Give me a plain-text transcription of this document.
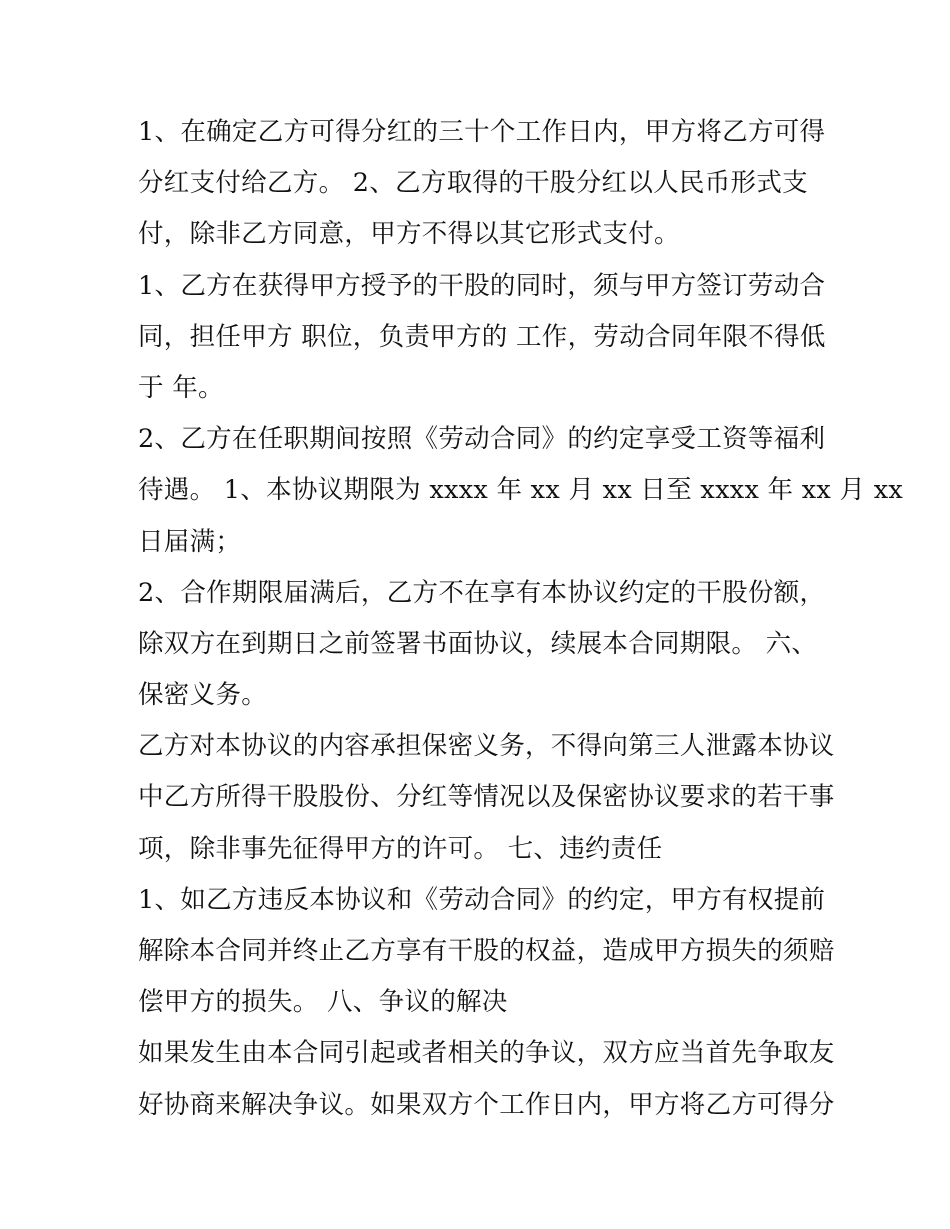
1、在确定乙方可得分红的三十个工作日内，甲方将乙方可得
分红支付给乙方。 2、乙方取得的干股分红以人民币形式支
付，除非乙方同意，甲方不得以其它形式支付。
1、乙方在获得甲方授予的干股的同时，须与甲方签订劳动合
同，担任甲方 职位，负责甲方的 工作，劳动合同年限不得低
于 年。
2、乙方在任职期间按照《劳动合同》的约定享受工资等福利
待遇。 1、本协议期限为 xxxx 年 xx 月 xx 日至 xxxx 年 xx 月 xx
日届满；
2、合作期限届满后，乙方不在享有本协议约定的干股份额，
除双方在到期日之前签署书面协议，续展本合同期限。 六、
保密义务。
乙方对本协议的内容承担保密义务，不得向第三人泄露本协议
中乙方所得干股股份、分红等情况以及保密协议要求的若干事
项，除非事先征得甲方的许可。 七、违约责任
1、如乙方违反本协议和《劳动合同》的约定，甲方有权提前
解除本合同并终止乙方享有干股的权益，造成甲方损失的须赔
偿甲方的损失。 八、争议的解决
如果发生由本合同引起或者相关的争议，双方应当首先争取友
好协商来解决争议。如果双方个工作日内，甲方将乙方可得分
